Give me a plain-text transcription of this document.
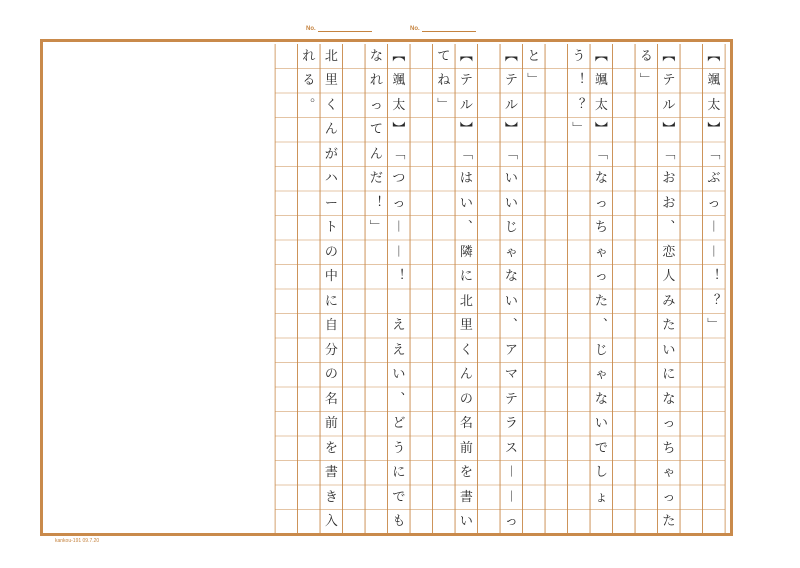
No.	No.
︻
颯
太
︼
﹁
ぶ
っ
︱
︱
︕
︖
﹂
︻
テ
ル
︼
﹁
お
お
︑
恋
人
み
た
い
に
な
っ
ち
ゃ
っ
た
る
﹂
︻
颯
太
︼
﹁
な
っ
ち
ゃ
っ
た
︑
じ
ゃ
な
い
で
し
ょ
う
︕
︖
﹂
と
﹂
︻
テ
ル
︼
﹁
い
い
じ
ゃ
な
い
︑
ア
マ
テ
ラ
ス
︱
︱
っ
︻
テ
ル
︼
﹁
は
い
︑
隣
に
北
里
く
ん
の
名
前
を
書
い
て
ね
﹂
︻
颯
太
︼
﹁
つ
っ
︱
︱
︕

え
え
い
︑
ど
う
に
で
も
な
れ
っ
て
ん
だ
︕
﹂
北
里
く
ん
が
ハ
ー
ト
の
中
に
自
分
の
名
前
を
書
き
入
れ
る
︒
kankou-191 09.7.20
